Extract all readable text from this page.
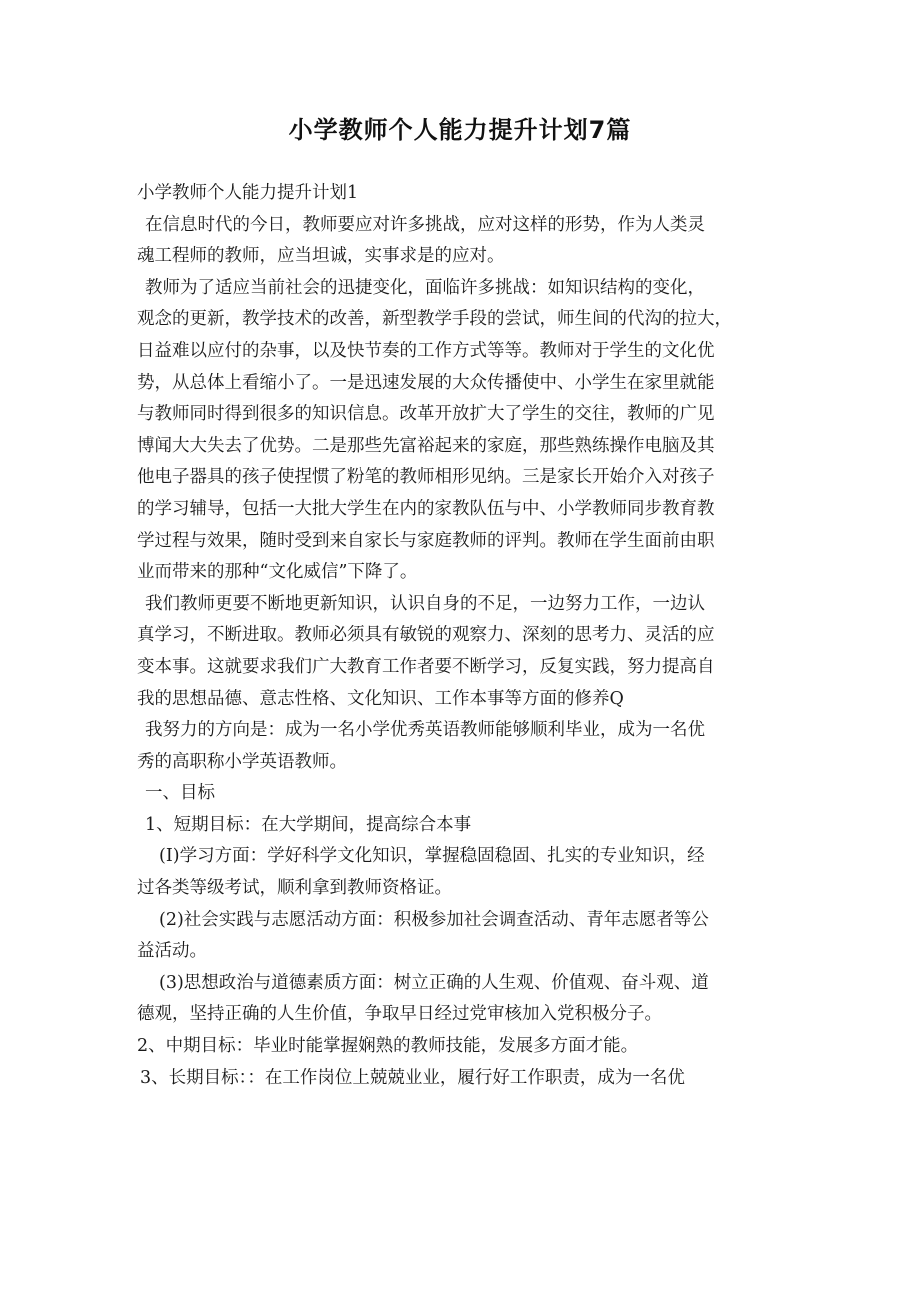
小学教师个人能力提升计划7篇
小学教师个人能力提升计划1
在信息时代的今日，教师要应对许多挑战，应对这样的形势，作为人类灵
魂工程师的教师，应当坦诚，实事求是的应对。
教师为了适应当前社会的迅捷变化，面临许多挑战：如知识结构的变化，
观念的更新，教学技术的改善，新型教学手段的尝试，师生间的代沟的拉大，
日益难以应付的杂事，以及快节奏的工作方式等等。教师对于学生的文化优
势，从总体上看缩小了。一是迅速发展的大众传播使中、小学生在家里就能
与教师同时得到很多的知识信息。改革开放扩大了学生的交往，教师的广见
博闻大大失去了优势。二是那些先富裕起来的家庭，那些熟练操作电脑及其
他电子器具的孩子使捏惯了粉笔的教师相形见纳。三是家长开始介入对孩子
的学习辅导，包括一大批大学生在内的家教队伍与中、小学教师同步教育教
学过程与效果，随时受到来自家长与家庭教师的评判。教师在学生面前由职
业而带来的那种“文化威信”下降了。
我们教师更要不断地更新知识，认识自身的不足，一边努力工作，一边认
真学习，不断进取。教师必须具有敏锐的观察力、深刻的思考力、灵活的应
变本事。这就要求我们广大教育工作者要不断学习，反复实践，努力提高自
我的思想品德、意志性格、文化知识、工作本事等方面的修养Q
我努力的方向是：成为一名小学优秀英语教师能够顺利毕业，成为一名优
秀的高职称小学英语教师。
一、目标
1、短期目标：在大学期间，提高综合本事
(I)学习方面：学好科学文化知识，掌握稳固稳固、扎实的专业知识，经
过各类等级考试，顺利拿到教师资格证。
(2)社会实践与志愿活动方面：积极参加社会调查活动、青年志愿者等公
益活动。
(3)思想政治与道德素质方面：树立正确的人生观、价值观、奋斗观、道
德观，坚持正确的人生价值，争取早日经过党审核加入党积极分子。
2、中期目标：毕业时能掌握娴熟的教师技能，发展多方面才能。
3、长期目标：：在工作岗位上兢兢业业，履行好工作职责，成为一名优
